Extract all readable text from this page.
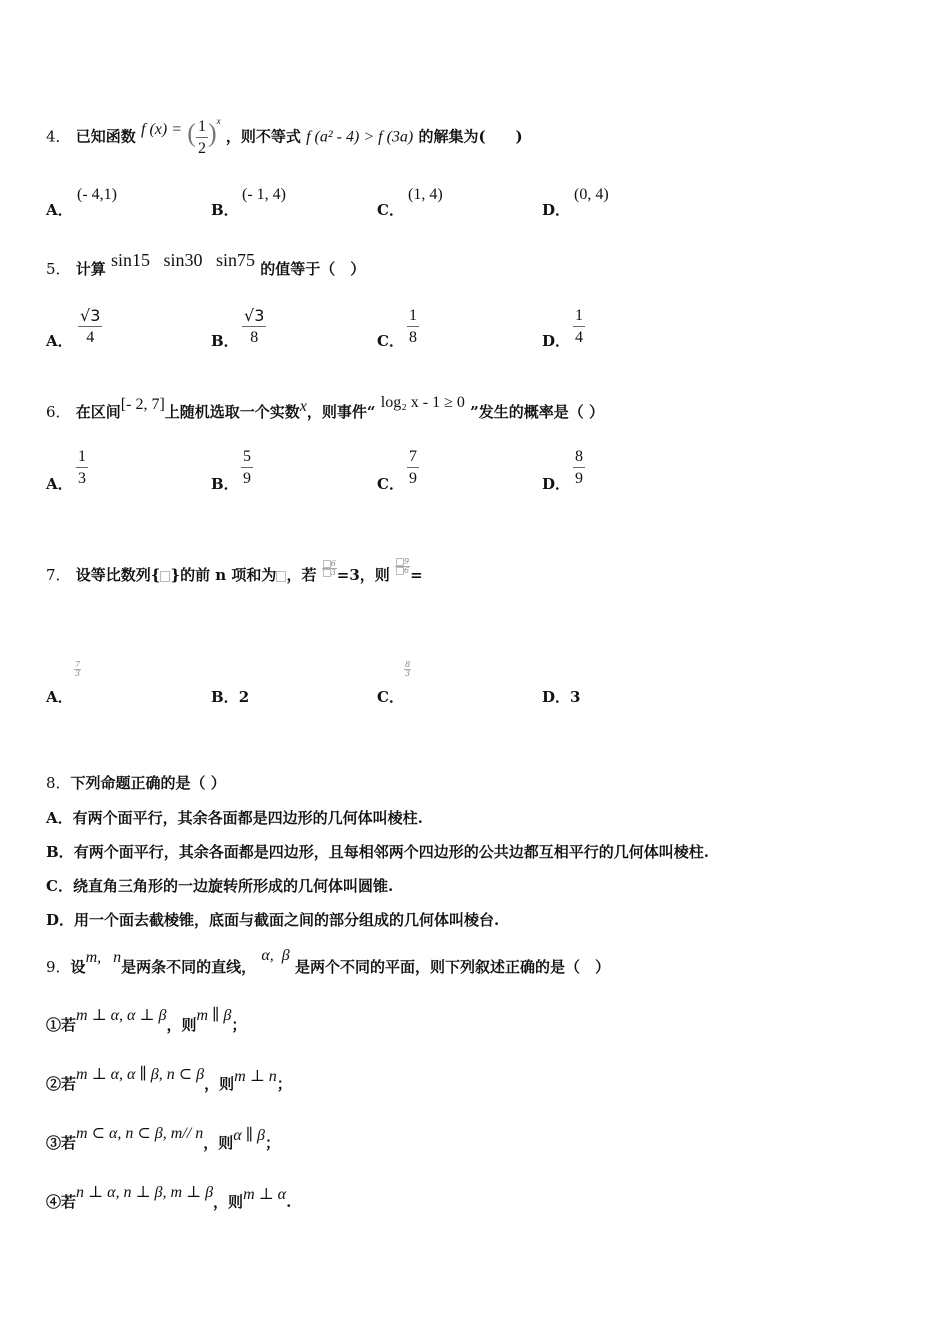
4． 已知函数 f (x) = ( $\frac{1}{2} )^x$ ，则不等式 f (a² - 4) > f (3a) 的解集为(　　)
A．
(- 4,1)
B．
(- 1, 4)
C．
(1, 4)
D．
(0, 4)
5． 计算 sin15   sin30   sin75 的值等于（　）
A． $\frac{√3}{4}$	B． $\frac{√3}{8}$	C． $\frac{1}{8}$	D． $\frac{1}{4}$
6． 在区间[- 2, 7]上随机选取一个实数x，则事件“ log₂ x - 1 ≥ 0 ”发生的概率是（ ）
A． $\frac{1}{3}$	B． $\frac{5}{9}$	C． $\frac{7}{9}$	D． $\frac{8}{9}$
7． 设等比数列{ }的前 n 项和为 ，若 $\frac{6}{3} =3$，则 $\frac{9}{6}$ =
A．
$\frac{7}{3}$
B．2	C．
$\frac{8}{3}$
D．3
8．下列命题正确的是（ ）
A．有两个面平行，其余各面都是四边形的几何体叫棱柱.
B．有两个面平行，其余各面都是四边形，且每相邻两个四边形的公共边都互相平行的几何体叫棱柱.
C．绕直角三角形的一边旋转所形成的几何体叫圆锥.
D．用一个面去截棱锥，底面与截面之间的部分组成的几何体叫棱台.
9．设m,   n是两条不同的直线， α,  β 是两个不同的平面，则下列叙述正确的是（　）
①若m ⊥ α, α ⊥ β，则m ∥ β；
②若m ⊥ α, α ∥ β, n ⊂ β，则m ⊥ n；
③若m ⊂ α, n ⊂ β, m// n，则α ∥ β；
④若n ⊥ α, n ⊥ β, m ⊥ β，则m ⊥ α.
